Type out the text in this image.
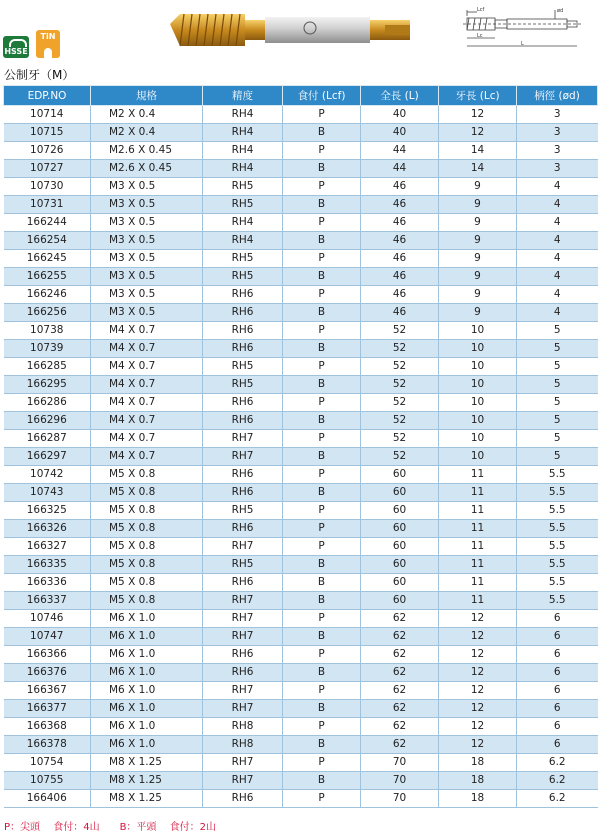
HSSE
TiN
Lcf
Lc
L
ød
公制牙（M）
EDP.NO	規格	精度	食付 (Lcf)	全長 (L)	牙長 (Lc)	柄徑 (ød)
10714	M2 X 0.4	RH4	P	40	12	3
10715	M2 X 0.4	RH4	B	40	12	3
10726	M2.6 X 0.45	RH4	P	44	14	3
10727	M2.6 X 0.45	RH4	B	44	14	3
10730	M3 X 0.5	RH5	P	46	9	4
10731	M3 X 0.5	RH5	B	46	9	4
166244	M3 X 0.5	RH4	P	46	9	4
166254	M3 X 0.5	RH4	B	46	9	4
166245	M3 X 0.5	RH5	P	46	9	4
166255	M3 X 0.5	RH5	B	46	9	4
166246	M3 X 0.5	RH6	P	46	9	4
166256	M3 X 0.5	RH6	B	46	9	4
10738	M4 X 0.7	RH6	P	52	10	5
10739	M4 X 0.7	RH6	B	52	10	5
166285	M4 X 0.7	RH5	P	52	10	5
166295	M4 X 0.7	RH5	B	52	10	5
166286	M4 X 0.7	RH6	P	52	10	5
166296	M4 X 0.7	RH6	B	52	10	5
166287	M4 X 0.7	RH7	P	52	10	5
166297	M4 X 0.7	RH7	B	52	10	5
10742	M5 X 0.8	RH6	P	60	11	5.5
10743	M5 X 0.8	RH6	B	60	11	5.5
166325	M5 X 0.8	RH5	P	60	11	5.5
166326	M5 X 0.8	RH6	P	60	11	5.5
166327	M5 X 0.8	RH7	P	60	11	5.5
166335	M5 X 0.8	RH5	B	60	11	5.5
166336	M5 X 0.8	RH6	B	60	11	5.5
166337	M5 X 0.8	RH7	B	60	11	5.5
10746	M6 X 1.0	RH7	P	62	12	6
10747	M6 X 1.0	RH7	B	62	12	6
166366	M6 X 1.0	RH6	P	62	12	6
166376	M6 X 1.0	RH6	B	62	12	6
166367	M6 X 1.0	RH7	P	62	12	6
166377	M6 X 1.0	RH7	B	62	12	6
166368	M6 X 1.0	RH8	P	62	12	6
166378	M6 X 1.0	RH8	B	62	12	6
10754	M8 X 1.25	RH7	P	70	18	6.2
10755	M8 X 1.25	RH7	B	70	18	6.2
166406	M8 X 1.25	RH6	P	70	18	6.2
P：尖頭　 食付：4山　　B：平頭　 食付：2山
